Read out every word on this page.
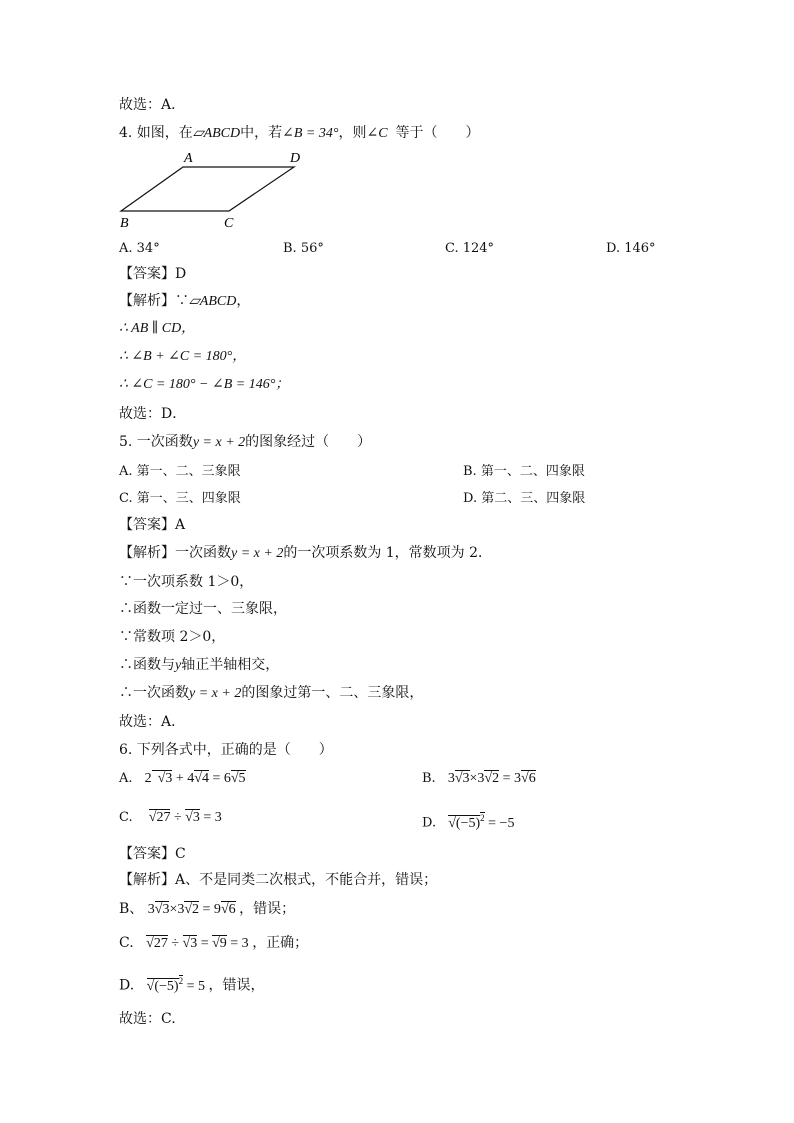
故选：A．
4. 如图，在⏥ABCD中，若∠B = 34°，则∠C 等于（　　）
A	D
B	C
A. 34°	B. 56°	C. 124°	D. 146°
【答案】D
【解析】∵⏥ABCD，
∴ AB ∥ CD，
∴ ∠B + ∠C = 180°，
∴ ∠C = 180° − ∠B = 146°；
故选：D．
5. 一次函数y = x + 2的图象经过（　　）
A. 第一、二、三象限	B. 第一、二、四象限
C. 第一、三、四象限	D. 第二、三、四象限
【答案】A
【解析】一次函数y = x + 2的一次项系数为 1，常数项为 2．
∵一次项系数 1＞0，
∴函数一定过一、三象限，
∵常数项 2＞0，
∴函数与y轴正半轴相交，
∴一次函数y = x + 2的图象过第一、二、三象限，
故选：A．
6. 下列各式中，正确的是（　　）
A. 2 √
3 + 4√4 = 6√5	B. 3√3×3√2 = 3√6
C. √27 ÷ √3 = 3	D. $√(-5)^2 = -5$
【答案】C
【解析】A、不是同类二次根式，不能合并，错误；
B、 3√3×3√2 = 9√6 ，错误；
C. √27 ÷ √3 = √9 = 3 ，正确；
D. $√(-5)^2 = 5$ ，错误，
故选：C.
